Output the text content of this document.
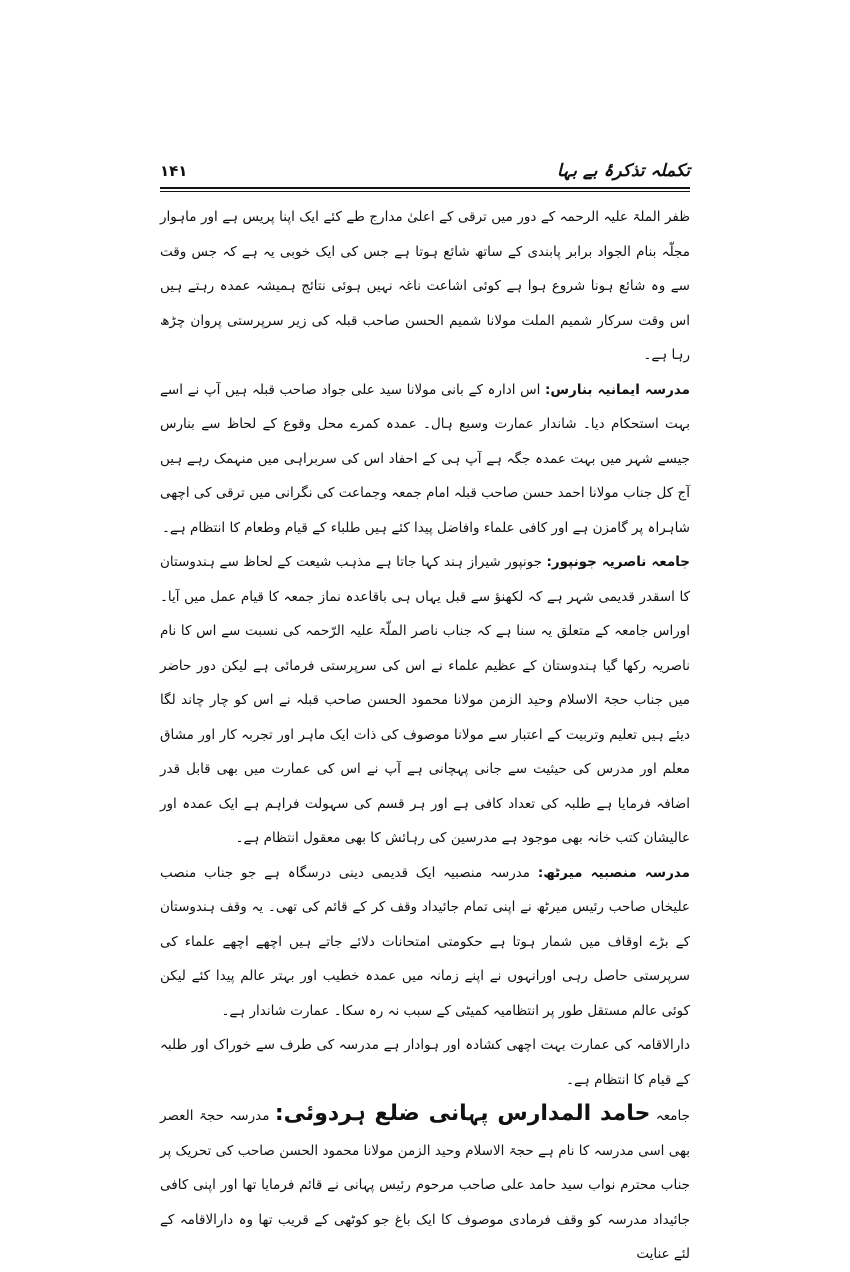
تکملہ تذکرۂ بے بہا
۱۴۱

ظفر الملۃ علیہ الرحمہ کے دور میں ترقی کے اعلیٰ مدارج طے کئے ایک اپنا پریس ہے اور ماہوار مجلّہ بنام الجواد برابر پابندی کے ساتھ شائع ہوتا ہے جس کی ایک خوبی یہ ہے کہ جس وقت سے وہ شائع ہونا شروع ہوا ہے کوئی اشاعت ناغہ نہیں ہوئی نتائج ہمیشہ عمدہ رہتے ہیں اس وقت سرکار شمیم الملت مولانا شمیم الحسن صاحب قبلہ کی زیر سرپرستی پروان چڑھ رہا ہے۔

مدرسہ ایمانیہ بنارس: اس ادارہ کے بانی مولانا سید علی جواد صاحب قبلہ ہیں آپ نے اسے بہت استحکام دیا۔ شاندار عمارت وسیع ہال۔ عمدہ کمرے محل وقوع کے لحاظ سے بنارس جیسے شہر میں بہت عمدہ جگہ ہے آپ ہی کے احفاد اس کی سربراہی میں منہمک رہے ہیں آج کل جناب مولانا احمد حسن صاحب قبلہ امام جمعہ وجماعت کی نگرانی میں ترقی کی اچھی شاہراہ پر گامزن ہے اور کافی علماء وافاضل پیدا کئے ہیں طلباء کے قیام وطعام کا انتظام ہے۔

جامعہ ناصریہ جونپور: جونپور شیراز ہند کہا جاتا ہے مذہب شیعت کے لحاظ سے ہندوستان کا اسقدر قدیمی شہر ہے کہ لکھنؤ سے قبل یہاں ہی باقاعدہ نماز جمعہ کا قیام عمل میں آیا۔ اوراس جامعہ کے متعلق یہ سنا ہے کہ جناب ناصر الملّۃ علیہ الرّحمہ کی نسبت سے اس کا نام ناصریہ رکھا گیا ہندوستان کے عظیم علماء نے اس کی سرپرستی فرمائی ہے لیکن دور حاضر میں جناب حجۃ الاسلام وحید الزمن مولانا محمود الحسن صاحب قبلہ نے اس کو چار چاند لگا دیئے ہیں تعلیم وتربیت کے اعتبار سے مولانا موصوف کی ذات ایک ماہر اور تجربہ کار اور مشاق معلم اور مدرس کی حیثیت سے جانی پہچانی ہے آپ نے اس کی عمارت میں بھی قابل قدر اضافہ فرمایا ہے طلبہ کی تعداد کافی ہے اور ہر قسم کی سہولت فراہم ہے ایک عمدہ اور عالیشان کتب خانہ بھی موجود ہے مدرسین کی رہائش کا بھی معقول انتظام ہے۔

مدرسہ منصبیہ میرٹھ: مدرسہ منصبیہ ایک قدیمی دینی درسگاہ ہے جو جناب منصب علیخاں صاحب رئیس میرٹھ نے اپنی تمام جائیداد وقف کر کے قائم کی تھی۔ یہ وقف ہندوستان کے بڑے اوقاف میں شمار ہوتا ہے حکومتی امتحانات دلائے جاتے ہیں اچھے اچھے علماء کی سرپرستی حاصل رہی اورانہوں نے اپنے زمانہ میں عمدہ خطیب اور بہتر عالم پیدا کئے لیکن کوئی عالم مستقل طور پر انتظامیہ کمیٹی کے سبب نہ رہ سکا۔ عمارت شاندار ہے۔

دارالاقامہ کی عمارت بہت اچھی کشادہ اور ہوادار ہے مدرسہ کی طرف سے خوراک اور طلبہ کے قیام کا انتظام ہے۔

جامعہ حامد المدارس پہانی ضلع ہردوئی: مدرسہ حجۃ العصر بھی اسی مدرسہ کا نام ہے حجۃ الاسلام وحید الزمن مولانا محمود الحسن صاحب کی تحریک پر جناب محترم نواب سید حامد علی صاحب مرحوم رئیس پہانی نے قائم فرمایا تھا اور اپنی کافی جائیداد مدرسہ کو وقف فرمادی موصوف کا ایک باغ جو کوٹھی کے قریب تھا وہ دارالاقامہ کے لئے عنایت
